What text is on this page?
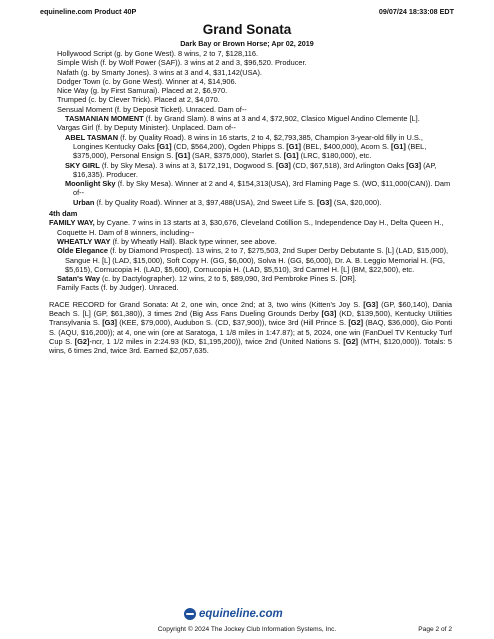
equineline.com Product 40P	09/07/24 18:33:08 EDT
Grand Sonata
Dark Bay or Brown Horse; Apr 02, 2019
Hollywood Script (g. by Gone West). 8 wins, 2 to 7, $128,116.
Simple Wish (f. by Wolf Power (SAF)). 3 wins at 2 and 3, $96,520. Producer.
Nafath (g. by Smarty Jones). 3 wins at 3 and 4, $31,142(USA).
Dodger Town (c. by Gone West). Winner at 4, $14,906.
Nice Way (g. by First Samurai). Placed at 2, $6,970.
Trumped (c. by Clever Trick). Placed at 2, $4,070.
Sensual Moment (f. by Deposit Ticket). Unraced. Dam of--
TASMANIAN MOMENT (f. by Grand Slam). 8 wins at 3 and 4, $72,902, Clasico Miguel Andino Clemente [L].
Vargas Girl (f. by Deputy Minister). Unplaced. Dam of--
ABEL TASMAN (f. by Quality Road). 8 wins in 16 starts, 2 to 4, $2,793,385, Champion 3-year-old filly in U.S., Longines Kentucky Oaks [G1] (CD, $564,200), Ogden Phipps S. [G1] (BEL, $400,000), Acorn S. [G1] (BEL, $375,000), Personal Ensign S. [G1] (SAR, $375,000), Starlet S. [G1] (LRC, $180,000), etc.
SKY GIRL (f. by Sky Mesa). 3 wins at 3, $172,191, Dogwood S. [G3] (CD, $67,518), 3rd Arlington Oaks [G3] (AP, $16,335). Producer.
Moonlight Sky (f. by Sky Mesa). Winner at 2 and 4, $154,313(USA), 3rd Flaming Page S. (WO, $11,000(CAN)). Dam of--
Urban (f. by Quality Road). Winner at 3, $97,488(USA), 2nd Sweet Life S. [G3] (SA, $20,000).
4th dam
FAMILY WAY, by Cyane. 7 wins in 13 starts at 3, $30,676, Cleveland Cotillion S., Independence Day H., Delta Queen H., Coquette H. Dam of 8 winners, including--
WHEATLY WAY (f. by Wheatly Hall). Black type winner, see above.
Olde Elegance (f. by Diamond Prospect). 13 wins, 2 to 7, $275,503, 2nd Super Derby Debutante S. [L] (LAD, $15,000), Sangue H. [L] (LAD, $15,000), Soft Copy H. (GG, $6,000), Solva H. (GG, $6,000), Dr. A. B. Leggio Memorial H. (FG, $5,615), Cornucopia H. (LAD, $5,600), Cornucopia H. (LAD, $5,510), 3rd Carmel H. [L] (BM, $22,500), etc.
Satan's Way (c. by Dactylographer). 12 wins, 2 to 5, $89,090, 3rd Pembroke Pines S. [OR].
Family Facts (f. by Judger). Unraced.
RACE RECORD for Grand Sonata: At 2, one win, once 2nd; at 3, two wins (Kitten's Joy S. [G3] (GP, $60,140), Dania Beach S. [L] (GP, $61,380)), 3 times 2nd (Big Ass Fans Dueling Grounds Derby [G3] (KD, $139,500), Kentucky Utilities Transylvania S. [G3] (KEE, $79,000), Audubon S. (CD, $37,900)), twice 3rd (Hill Prince S. [G2] (BAQ, $36,000), Gio Ponti S. (AQU, $16,200)); at 4, one win (ore at Saratoga, 1 1/8 miles in 1:47.87); at 5, 2024, one win (FanDuel TV Kentucky Turf Cup S. [G2]-ncr, 1 1/2 miles in 2:24.93 (KD, $1,195,200)), twice 2nd (United Nations S. [G2] (MTH, $120,000)). Totals: 5 wins, 6 times 2nd, twice 3rd. Earned $2,057,635.
equineline.com
Copyright © 2024 The Jockey Club Information Systems, Inc.	Page 2 of 2
